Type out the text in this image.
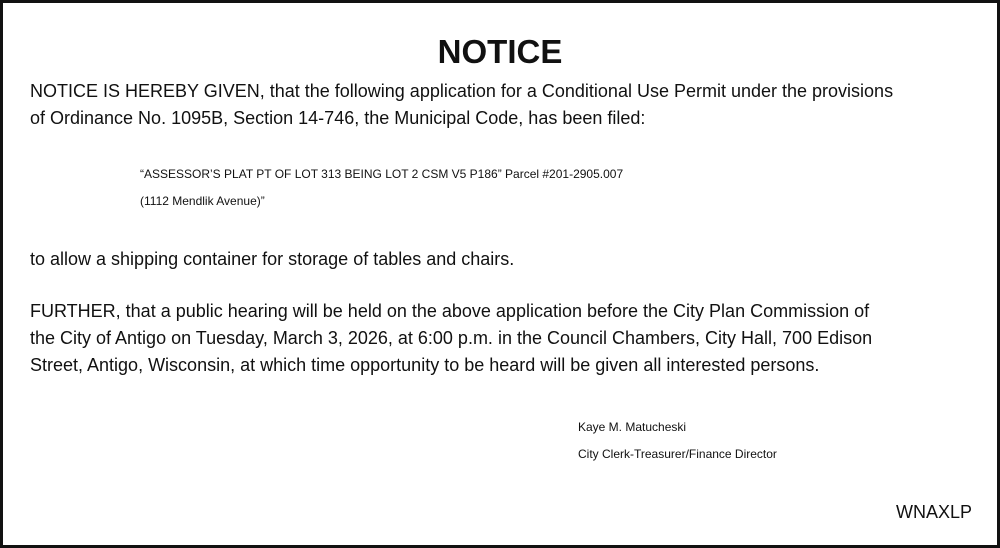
NOTICE
NOTICE IS HEREBY GIVEN, that the following application for a Conditional Use Permit under the provisions
of Ordinance No. 1095B, Section 14-746, the Municipal Code, has been filed:
“ASSESSOR’S PLAT PT OF LOT 313 BEING LOT 2 CSM V5 P186” Parcel #201-2905.007
(1112 Mendlik Avenue)”
to allow a shipping container for storage of tables and chairs.
FURTHER, that a public hearing will be held on the above application before the City Plan Commission of
the City of Antigo on Tuesday, March 3, 2026, at 6:00 p.m. in the Council Chambers, City Hall, 700 Edison
Street, Antigo, Wisconsin, at which time opportunity to be heard will be given all interested persons.
Kaye M. Matucheski
City Clerk-Treasurer/Finance Director
WNAXLP
